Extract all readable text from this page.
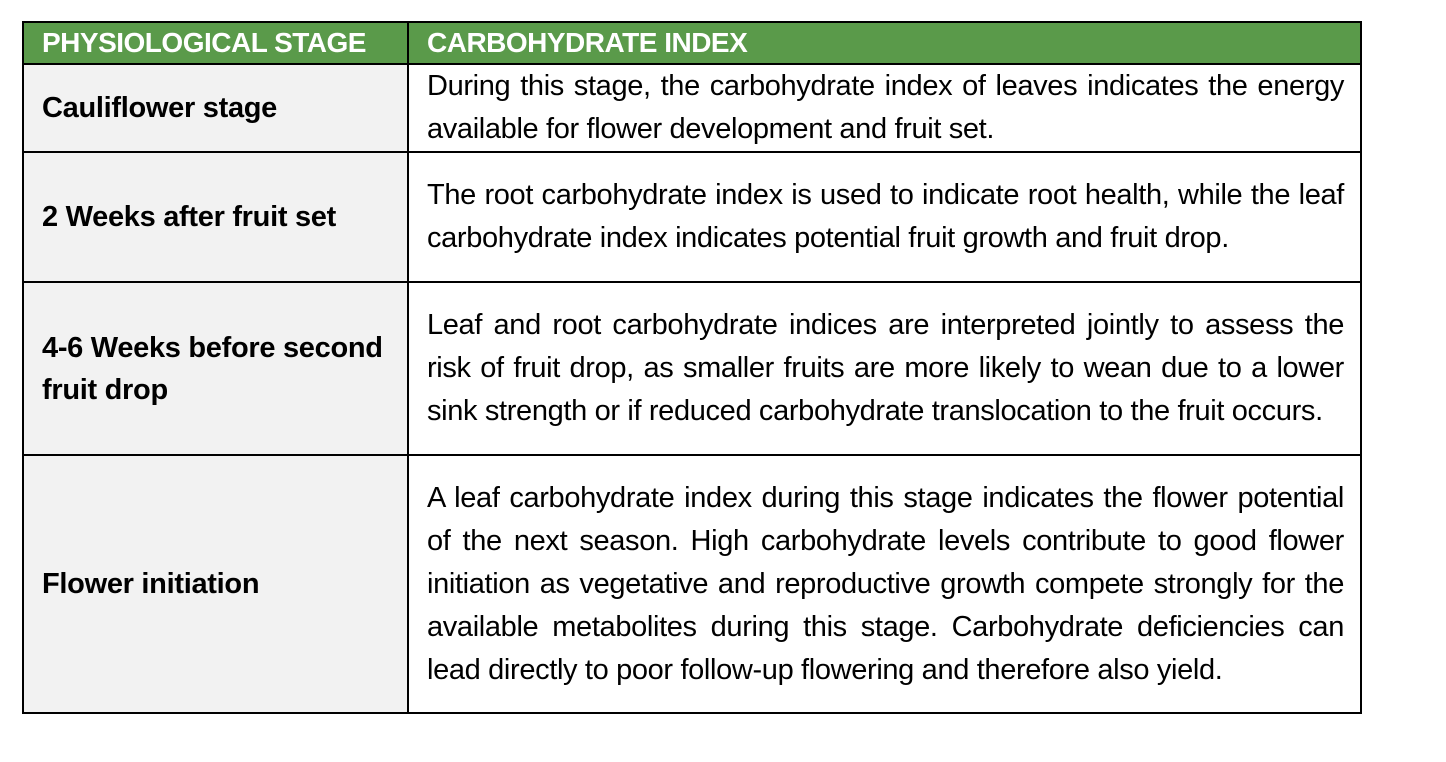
PHYSIOLOGICAL STAGE	CARBOHYDRATE INDEX
Cauliflower stage	During this stage, the carbohydrate index of leaves indicates the energy available for flower development and fruit set.
2 Weeks after fruit set	The root carbohydrate index is used to indicate root health, while the leaf carbohydrate index indicates potential fruit growth and fruit drop.
4-6 Weeks before second fruit drop	Leaf and root carbohydrate indices are interpreted jointly to assess the risk of fruit drop, as smaller fruits are more likely to wean due to a lower sink strength or if reduced carbohydrate translocation to the fruit occurs.
Flower initiation	A leaf carbohydrate index during this stage indicates the flower potential of the next season. High carbohydrate levels contribute to good flower initiation as vegetative and reproductive growth compete strongly for the available metabolites during this stage. Carbohydrate deficiencies can lead directly to poor follow-up flowering and therefore also yield.
